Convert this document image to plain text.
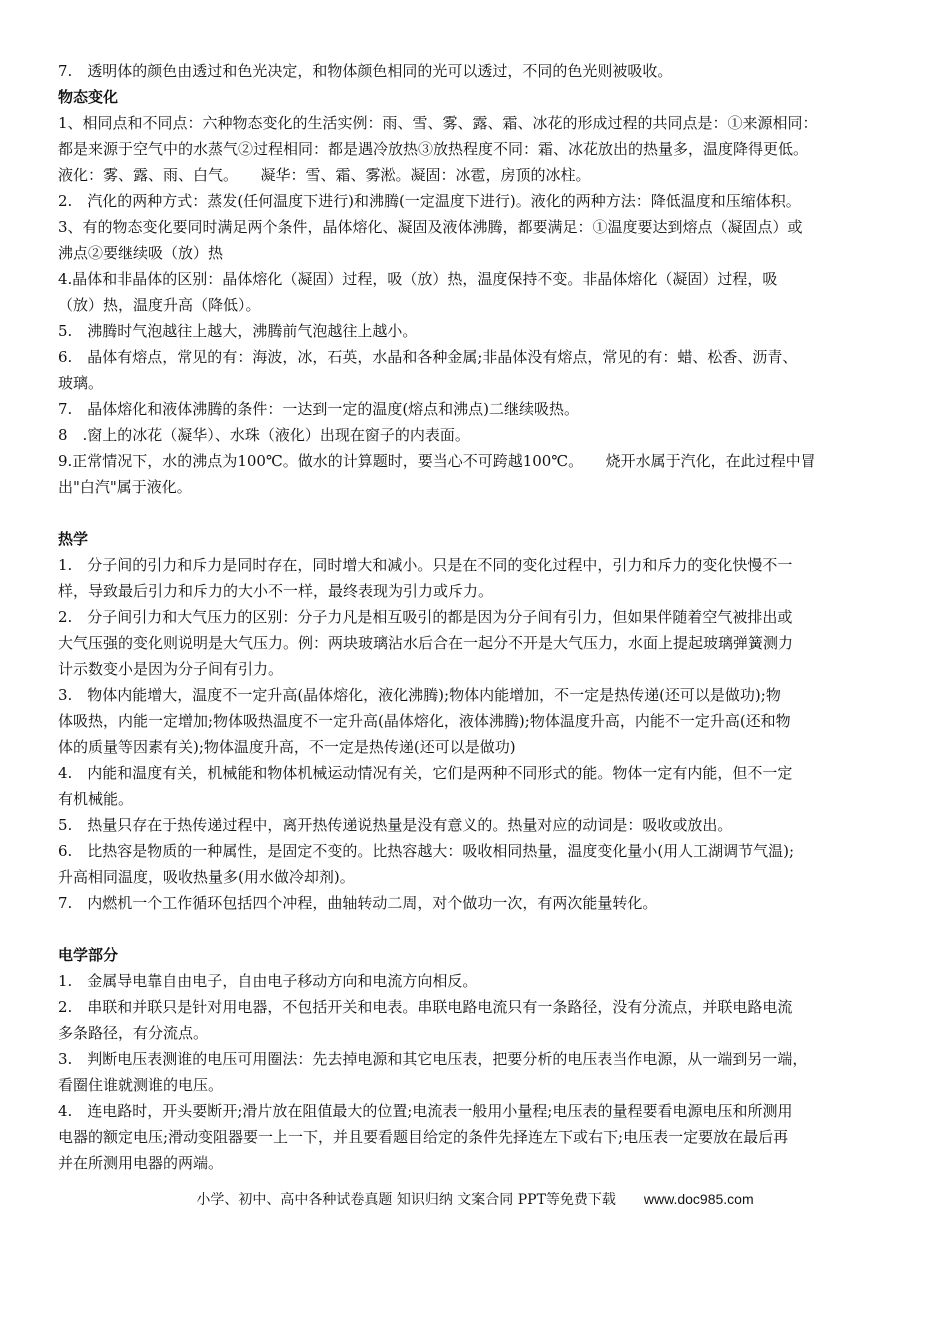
7.　透明体的颜色由透过和色光决定，和物体颜色相同的光可以透过，不同的色光则被吸收。
物态变化
1、相同点和不同点：六种物态变化的生活实例：雨、雪、雾、露、霜、冰花的形成过程的共同点是：①来源相同：
都是来源于空气中的水蒸气②过程相同：都是遇冷放热③放热程度不同：霜、冰花放出的热量多，温度降得更低。
液化：雾、露、雨、白气。　　凝华：雪、霜、雾淞。凝固：冰雹，房顶的冰柱。
2.　汽化的两种方式：蒸发(任何温度下进行)和沸腾(一定温度下进行)。液化的两种方法：降低温度和压缩体积。
3、有的物态变化要同时满足两个条件，晶体熔化、凝固及液体沸腾，都要满足：①温度要达到熔点（凝固点）或
沸点②要继续吸（放）热
4.晶体和非晶体的区别：晶体熔化（凝固）过程，吸（放）热，温度保持不变。非晶体熔化（凝固）过程，吸
（放）热，温度升高（降低）。
5.　沸腾时气泡越往上越大，沸腾前气泡越往上越小。
6.　晶体有熔点，常见的有：海波，冰，石英，水晶和各种金属;非晶体没有熔点，常见的有：蜡、松香、沥青、
玻璃。
7.　晶体熔化和液体沸腾的条件：一达到一定的温度(熔点和沸点)二继续吸热。
8　.窗上的冰花（凝华）、水珠（液化）出现在窗子的内表面。
9.正常情况下，水的沸点为100℃。做水的计算题时，要当心不可跨越100℃。　　烧开水属于汽化，在此过程中冒
出"白汽"属于液化。
热学
1.　分子间的引力和斥力是同时存在，同时增大和减小。只是在不同的变化过程中，引力和斥力的变化快慢不一
样，导致最后引力和斥力的大小不一样，最终表现为引力或斥力。
2.　分子间引力和大气压力的区别：分子力凡是相互吸引的都是因为分子间有引力，但如果伴随着空气被排出或
大气压强的变化则说明是大气压力。例：两块玻璃沾水后合在一起分不开是大气压力，水面上提起玻璃弹簧测力
计示数变小是因为分子间有引力。
3.　物体内能增大，温度不一定升高(晶体熔化，液化沸腾);物体内能增加，不一定是热传递(还可以是做功);物
体吸热，内能一定增加;物体吸热温度不一定升高(晶体熔化，液体沸腾);物体温度升高，内能不一定升高(还和物
体的质量等因素有关);物体温度升高，不一定是热传递(还可以是做功)
4.　内能和温度有关，机械能和物体机械运动情况有关，它们是两种不同形式的能。物体一定有内能，但不一定
有机械能。
5.　热量只存在于热传递过程中，离开热传递说热量是没有意义的。热量对应的动词是：吸收或放出。
6.　比热容是物质的一种属性，是固定不变的。比热容越大：吸收相同热量，温度变化量小(用人工湖调节气温);
升高相同温度，吸收热量多(用水做冷却剂)。
7.　内燃机一个工作循环包括四个冲程，曲轴转动二周，对个做功一次，有两次能量转化。
电学部分
1.　金属导电靠自由电子，自由电子移动方向和电流方向相反。
2.　串联和并联只是针对用电器，不包括开关和电表。串联电路电流只有一条路径，没有分流点，并联电路电流
多条路径，有分流点。
3.　判断电压表测谁的电压可用圈法：先去掉电源和其它电压表，把要分析的电压表当作电源，从一端到另一端，
看圈住谁就测谁的电压。
4.　连电路时，开头要断开;滑片放在阻值最大的位置;电流表一般用小量程;电压表的量程要看电源电压和所测用
电器的额定电压;滑动变阻器要一上一下，并且要看题目给定的条件先择连左下或右下;电压表一定要放在最后再
并在所测用电器的两端。
小学、初中、高中各种试卷真题 知识归纳 文案合同 PPT等免费下载 www.doc985.com
